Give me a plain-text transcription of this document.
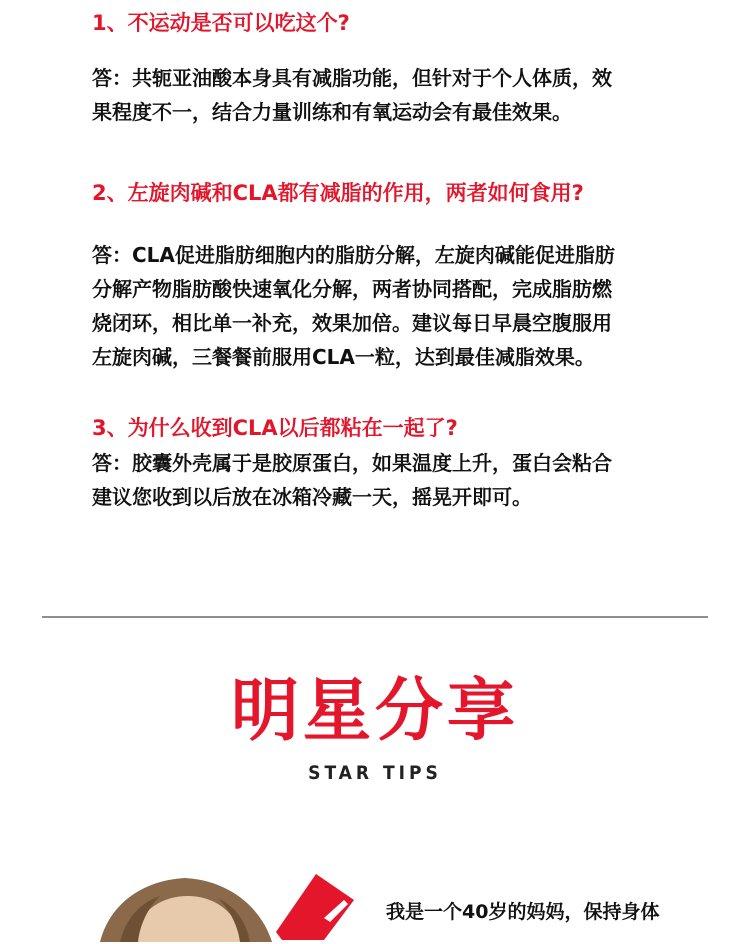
1、不运动是否可以吃这个?

答：共轭亚油酸本身具有减脂功能，但针对于个人体质，效
果程度不一，结合力量训练和有氧运动会有最佳效果。

2、左旋肉碱和CLA都有减脂的作用，两者如何食用?

答：CLA促进脂肪细胞内的脂肪分解，左旋肉碱能促进脂肪
分解产物脂肪酸快速氧化分解，两者协同搭配，完成脂肪燃
烧闭环，相比单一补充，效果加倍。建议每日早晨空腹服用
左旋肉碱，三餐餐前服用CLA一粒，达到最佳减脂效果。

3、为什么收到CLA以后都粘在一起了?

答：胶囊外壳属于是胶原蛋白，如果温度上升，蛋白会粘合
建议您收到以后放在冰箱冷藏一天，摇晃开即可。

明星分享
STAR TIPS
我是一个40岁的妈妈，保持身体
